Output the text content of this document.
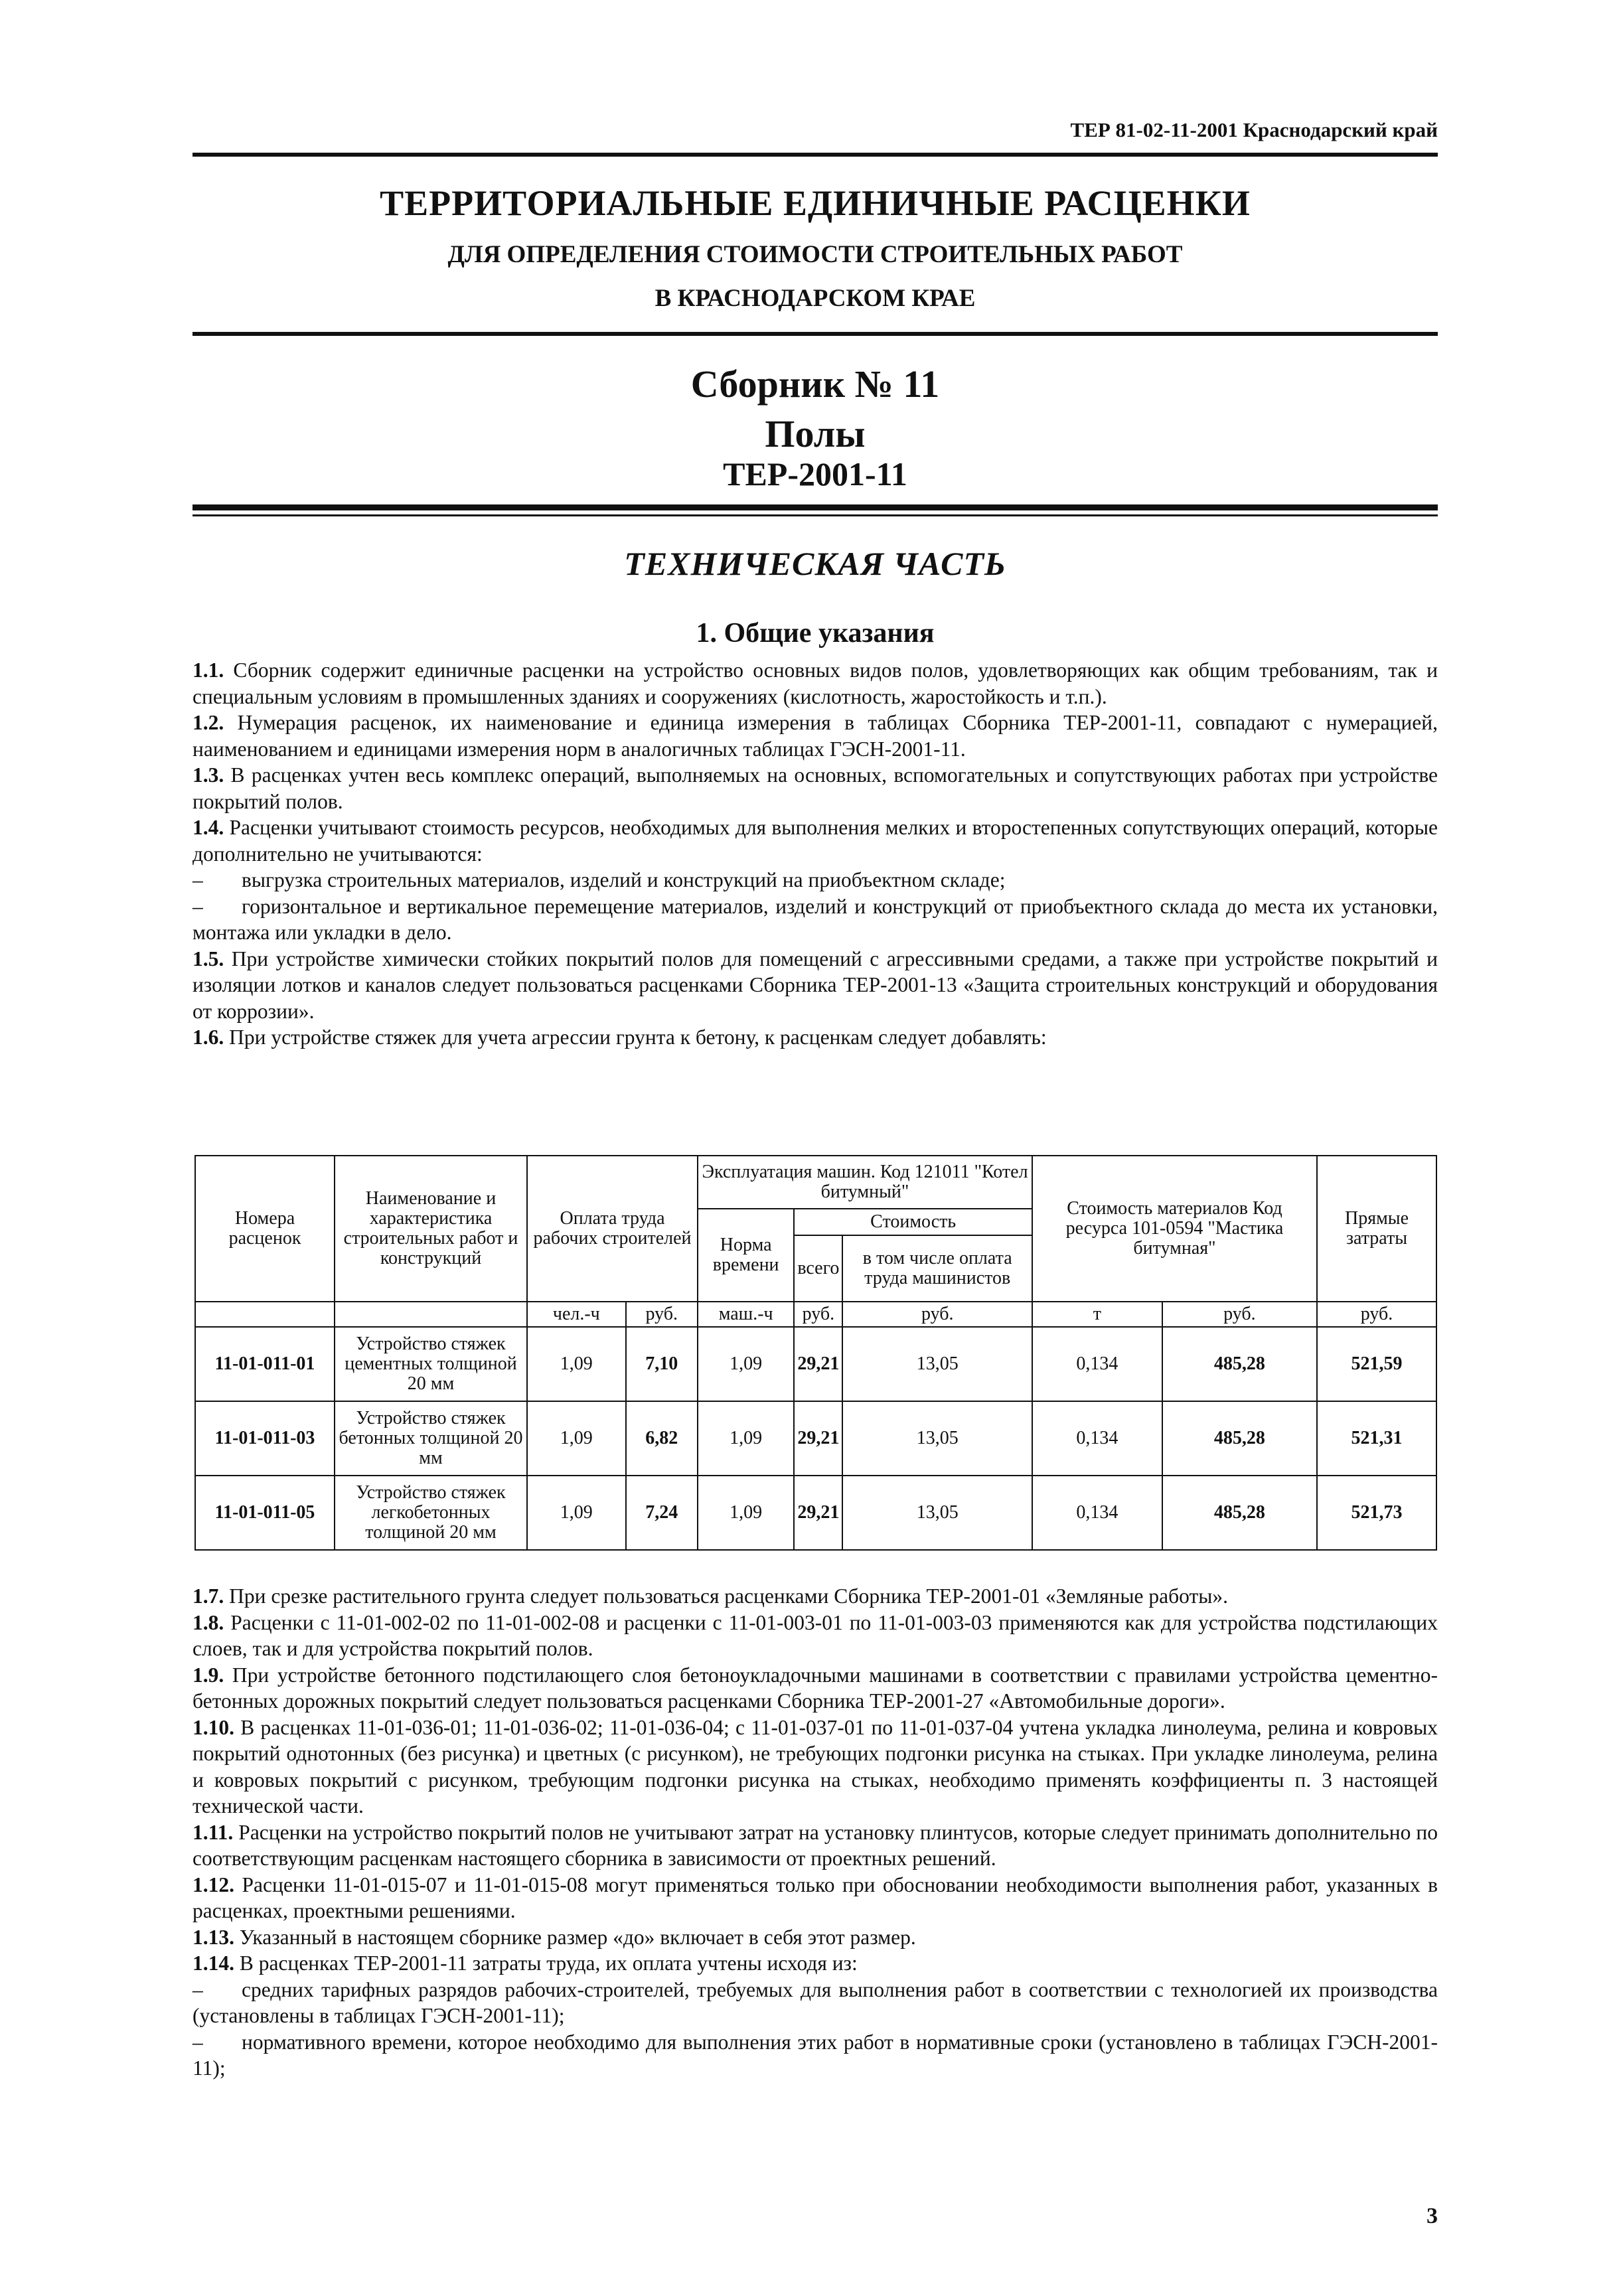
ТЕР 81-02-11-2001 Краснодарский край
ТЕРРИТОРИАЛЬНЫЕ ЕДИНИЧНЫЕ РАСЦЕНКИ
ДЛЯ ОПРЕДЕЛЕНИЯ СТОИМОСТИ СТРОИТЕЛЬНЫХ РАБОТ
В КРАСНОДАРСКОМ КРАЕ
Сборник № 11
Полы
ТЕР-2001-11
ТЕХНИЧЕСКАЯ ЧАСТЬ
1. Общие указания

1.1. Сборник содержит единичные расценки на устройство основных видов полов, удовлетворяющих как общим требованиям, так и специальным условиям в промышленных зданиях и сооружениях (кислотность, жаростойкость и т.п.).

1.2. Нумерация расценок, их наименование и единица измерения в таблицах Сборника ТЕР-2001-11, совпадают с нумерацией, наименованием и единицами измерения норм в аналогичных таблицах ГЭСН-2001-11.

1.3. В расценках учтен весь комплекс операций, выполняемых на основных, вспомогательных и сопутствующих работах при устройстве покрытий полов.

1.4. Расценки учитывают стоимость ресурсов, необходимых для выполнения мелких и второстепенных сопутствующих операций, которые дополнительно не учитываются:

– выгрузка строительных материалов, изделий и конструкций на приобъектном складе;

– горизонтальное и вертикальное перемещение материалов, изделий и конструкций от приобъектного склада до места их установки, монтажа или укладки в дело.

1.5. При устройстве химически стойких покрытий полов для помещений с агрессивными средами, а также при устройстве покрытий и изоляции лотков и каналов следует пользоваться расценками Сборника ТЕР-2001-13 «Защита строительных конструкций и оборудования от коррозии».

1.6. При устройстве стяжек для учета агрессии грунта к бетону, к расценкам следует добавлять:

Номера расценок	Наименование и характеристика строительных работ и конструкций	Оплата труда рабочих строителей		Эксплуатация машин. Код 121011 "Котел битумный"			Стоимость материалов Код ресурса 101-0594 "Мастика битумная"		Прямые затраты
				Норма времени	Стоимость				
					всего	в том числе оплата труда машинистов			
		чел.-ч	руб.	маш.-ч	руб.	руб.	т	руб.	руб.
11-01-011-01	Устройство стяжек цементных толщиной 20 мм	1,09	7,10	1,09	29,21	13,05	0,134	485,28	521,59
11-01-011-03	Устройство стяжек бетонных толщиной 20 мм	1,09	6,82	1,09	29,21	13,05	0,134	485,28	521,31
11-01-011-05	Устройство стяжек легкобетонных толщиной 20 мм	1,09	7,24	1,09	29,21	13,05	0,134	485,28	521,73

1.7. При срезке растительного грунта следует пользоваться расценками Сборника ТЕР-2001-01 «Земляные работы».

1.8. Расценки с 11-01-002-02 по 11-01-002-08 и расценки с 11-01-003-01 по 11-01-003-03 применяются как для устройства подстилающих слоев, так и для устройства покрытий полов.

1.9. При устройстве бетонного подстилающего слоя бетоноукладочными машинами в соответствии с правилами устройства цементно-бетонных дорожных покрытий следует пользоваться расценками Сборника ТЕР-2001-27 «Автомобильные дороги».

1.10. В расценках 11-01-036-01; 11-01-036-02; 11-01-036-04; с 11-01-037-01 по 11-01-037-04 учтена укладка линолеума, релина и ковровых покрытий однотонных (без рисунка) и цветных (с рисунком), не требующих подгонки рисунка на стыках. При укладке линолеума, релина и ковровых покрытий с рисунком, требующим подгонки рисунка на стыках, необходимо применять коэффициенты п. 3 настоящей технической части.

1.11. Расценки на устройство покрытий полов не учитывают затрат на установку плинтусов, которые следует принимать дополнительно по соответствующим расценкам настоящего сборника в зависимости от проектных решений.

1.12. Расценки 11-01-015-07 и 11-01-015-08 могут применяться только при обосновании необходимости выполнения работ, указанных в расценках, проектными решениями.

1.13. Указанный в настоящем сборнике размер «до» включает в себя этот размер.

1.14. В расценках ТЕР-2001-11 затраты труда, их оплата учтены исходя из:

– средних тарифных разрядов рабочих-строителей, требуемых для выполнения работ в соответствии с технологией их производства (установлены в таблицах ГЭСН-2001-11);

– нормативного времени, которое необходимо для выполнения этих работ в нормативные сроки (установлено в таблицах ГЭСН-2001-11);

3
